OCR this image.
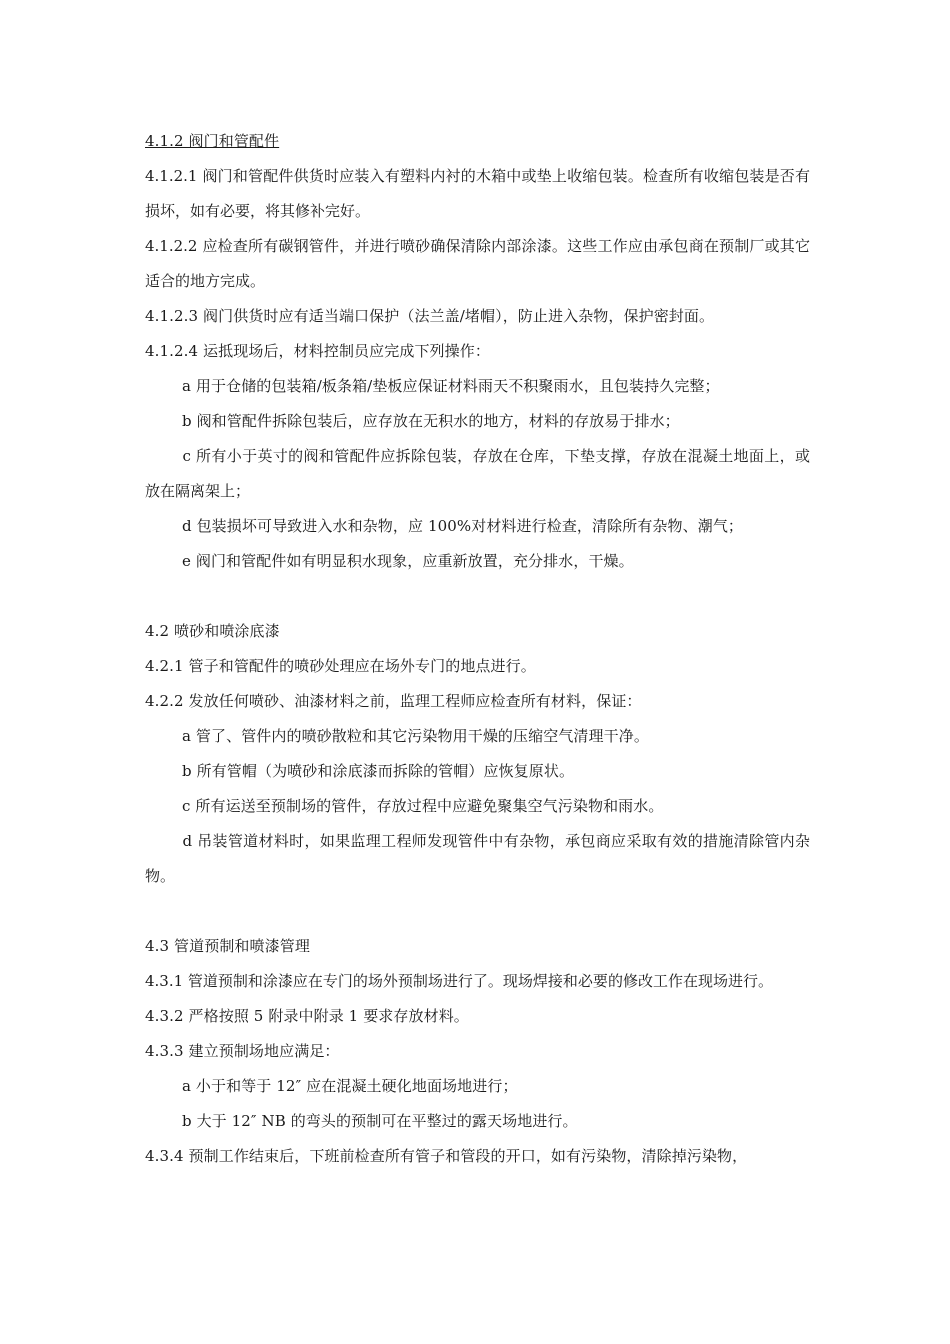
4.1.2 阀门和管配件
4.1.2.1 阀门和管配件供货时应装入有塑料内衬的木箱中或垫上收缩包装。检查所有收缩包装是否有损坏，如有必要，将其修补完好。
4.1.2.2 应检查所有碳钢管件，并进行喷砂确保清除内部涂漆。这些工作应由承包商在预制厂或其它适合的地方完成。
4.1.2.3 阀门供货时应有适当端口保护（法兰盖/堵帽），防止进入杂物，保护密封面。
4.1.2.4 运抵现场后，材料控制员应完成下列操作：
a 用于仓储的包装箱/板条箱/垫板应保证材料雨天不积聚雨水，且包装持久完整；
b 阀和管配件拆除包装后，应存放在无积水的地方，材料的存放易于排水；
c 所有小于英寸的阀和管配件应拆除包装，存放在仓库，下垫支撑，存放在混凝土地面上，或放在隔离架上；
d 包装损坏可导致进入水和杂物，应 100%对材料进行检查，清除所有杂物、潮气；
e 阀门和管配件如有明显积水现象，应重新放置，充分排水，干燥。
4.2 喷砂和喷涂底漆
4.2.1 管子和管配件的喷砂处理应在场外专门的地点进行。
4.2.2 发放任何喷砂、油漆材料之前，监理工程师应检查所有材料，保证：
a 管了、管件内的喷砂散粒和其它污染物用干燥的压缩空气清理干净。
b 所有管帽（为喷砂和涂底漆而拆除的管帽）应恢复原状。
c 所有运送至预制场的管件，存放过程中应避免聚集空气污染物和雨水。
d 吊装管道材料时，如果监理工程师发现管件中有杂物，承包商应采取有效的措施清除管内杂物。
4.3 管道预制和喷漆管理
4.3.1 管道预制和涂漆应在专门的场外预制场进行了。现场焊接和必要的修改工作在现场进行。
4.3.2 严格按照 5 附录中附录 1 要求存放材料。
4.3.3 建立预制场地应满足：
a 小于和等于 12″ 应在混凝土硬化地面场地进行；
b 大于 12″ NB 的弯头的预制可在平整过的露天场地进行。
4.3.4 预制工作结束后，下班前检查所有管子和管段的开口，如有污染物，清除掉污染物，
